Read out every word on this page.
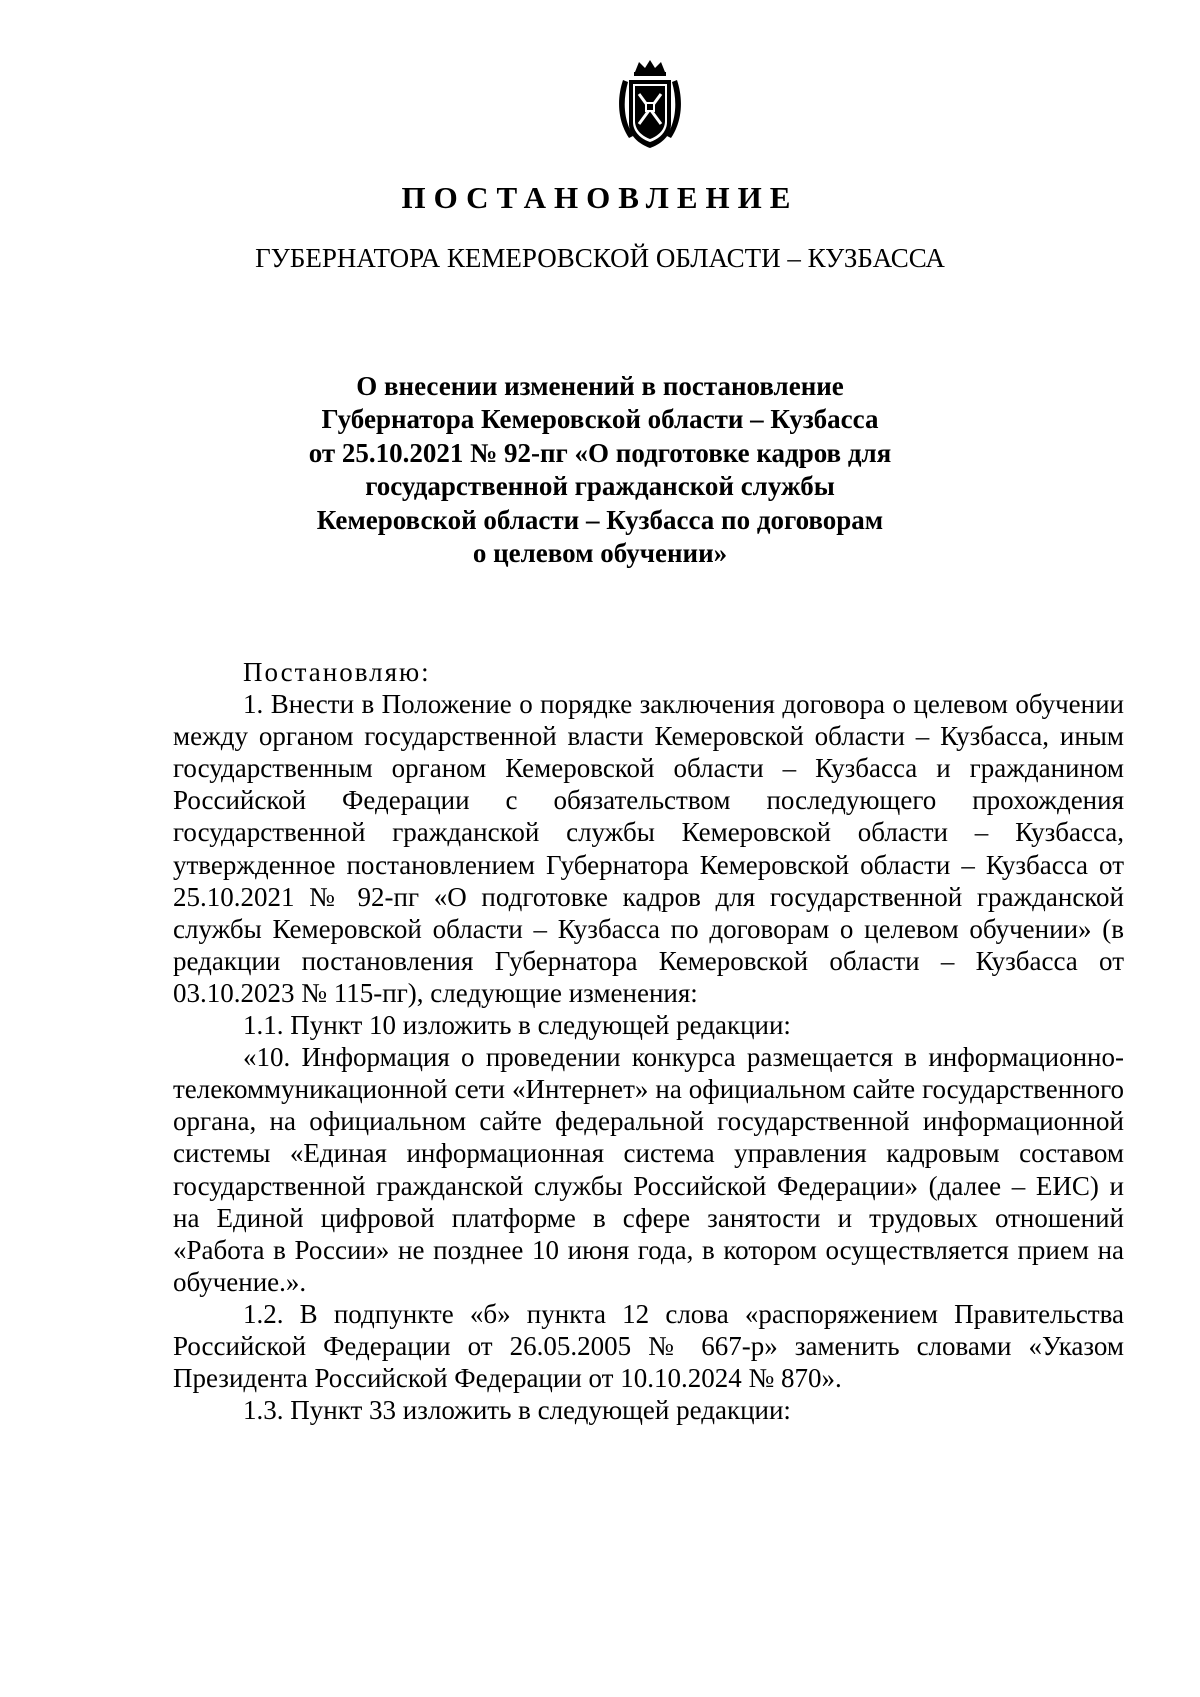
ПОСТАНОВЛЕНИЕ
ГУБЕРНАТОРА КЕМЕРОВСКОЙ ОБЛАСТИ – КУЗБАССА
О внесении изменений в постановление
Губернатора Кемеровской области – Кузбасса
от 25.10.2021 № 92-пг «О подготовке кадров для
государственной гражданской службы
Кемеровской области – Кузбасса по договорам
о целевом обучении»

Постановляю:

1. Внести в Положение о порядке заключения договора о целевом обучении между органом государственной власти Кемеровской области – Кузбасса, иным государственным органом Кемеровской области – Кузбасса и гражданином Российской Федерации с обязательством последующего прохождения государственной гражданской службы Кемеровской области – Кузбасса, утвержденное постановлением Губернатора Кемеровской области – Кузбасса от 25.10.2021 № 92-пг «О подготовке кадров для государственной гражданской службы Кемеровской области – Кузбасса по договорам о целевом обучении» (в редакции постановления Губернатора Кемеровской области – Кузбасса от 03.10.2023 № 115-пг), следующие изменения:

1.1. Пункт 10 изложить в следующей редакции:

«10. Информация о проведении конкурса размещается в информационно-телекоммуникационной сети «Интернет» на официальном сайте государственного органа, на официальном сайте федеральной государственной информационной системы «Единая информационная система управления кадровым составом государственной гражданской службы Российской Федерации» (далее – ЕИС) и на Единой цифровой платформе в сфере занятости и трудовых отношений «Работа в России» не позднее 10 июня года, в котором осуществляется прием на обучение.».

1.2. В подпункте «б» пункта 12 слова «распоряжением Правительства Российской Федерации от 26.05.2005 № 667-р» заменить словами «Указом Президента Российской Федерации от 10.10.2024 № 870».

1.3. Пункт 33 изложить в следующей редакции:
